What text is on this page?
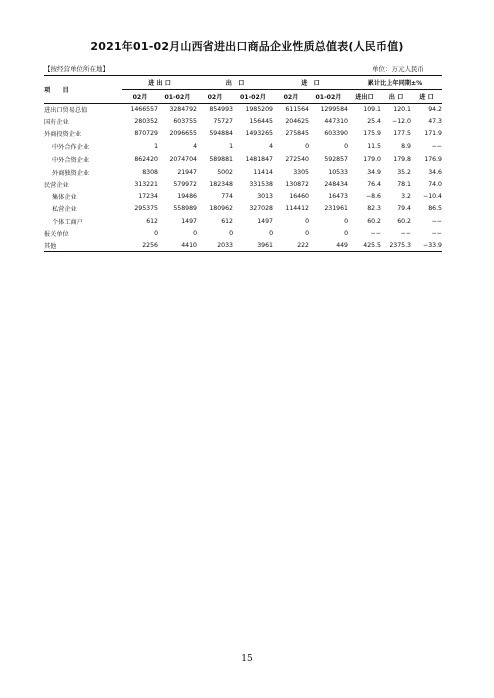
2021年01-02月山西省进出口商品企业性质总值表(人民币值)
【按经营单位所在地】	单位：万元人民币
项　　目	进 出 口		出　口		进　口		累计比上年同期±%		
	02月	01-02月	02月	01-02月	02月	01-02月	进出口	出 口	进 口
进出口贸易总值	1466557	3284792	854993	1985209	611564	1299584	109.1	120.1	94.2
国有企业	280352	603755	75727	156445	204625	447310	25.4	−12.0	47.3
外商投资企业	870729	2096655	594884	1493265	275845	603390	175.9	177.5	171.9
中外合作企业	1	4	1	4	0	0	11.5	8.9	−−
中外合资企业	862420	2074704	589881	1481847	272540	592857	179.0	179.8	176.9
外商独资企业	8308	21947	5002	11414	3305	10533	34.9	35.2	34.6
民营企业	313221	579972	182348	331538	130872	248434	76.4	78.1	74.0
集体企业	17234	19486	774	3013	16460	16473	−8.6	3.2	−10.4
私营企业	295375	558989	180962	327028	114412	231961	82.3	79.4	86.5
个体工商户	612	1497	612	1497	0	0	60.2	60.2	−−
报关单位	0	0	0	0	0	0	−−	−−	−−
其他	2256	4410	2033	3961	222	449	425.5	2375.3	−33.9
15
